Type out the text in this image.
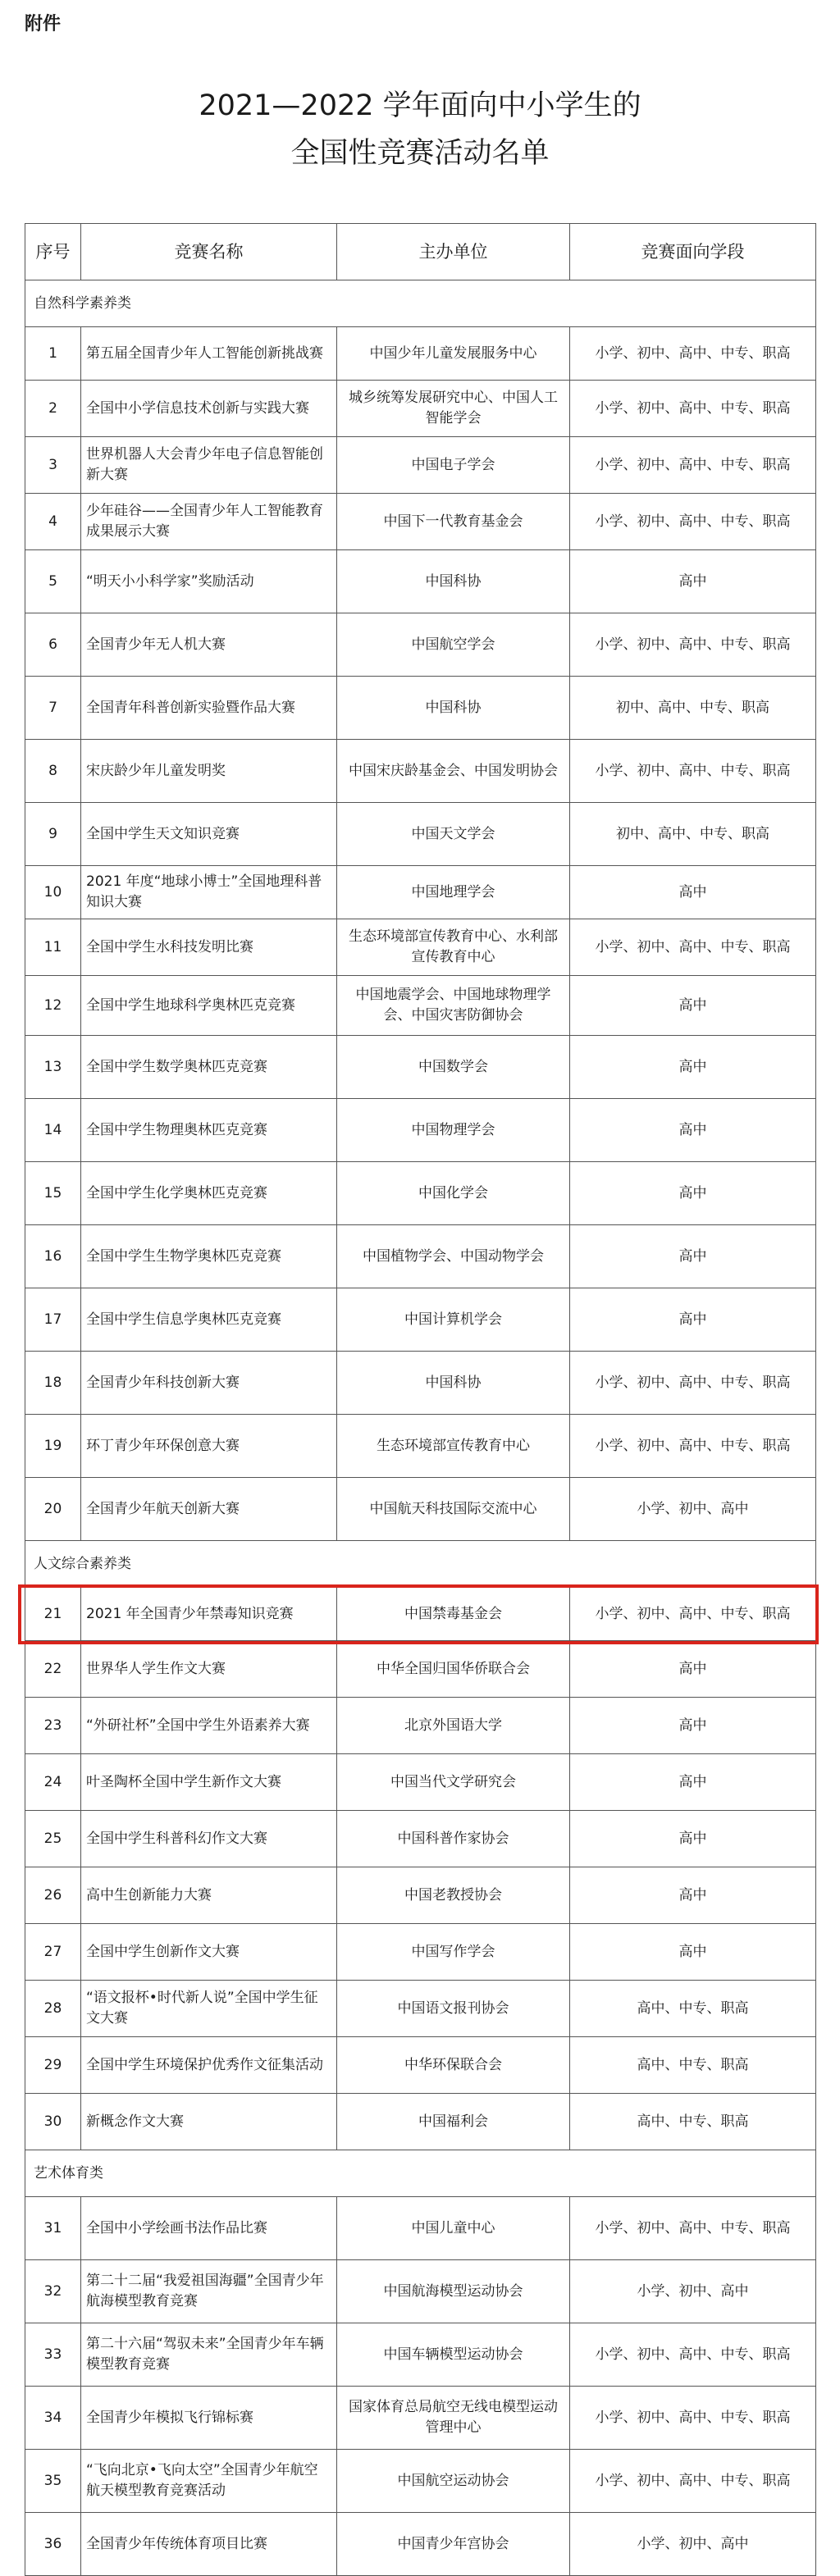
附件
2021—2022 学年面向中小学生的
全国性竞赛活动名单
序号	竞赛名称	主办单位	竞赛面向学段
自然科学素养类			
1	第五届全国青少年人工智能创新挑战赛	中国少年儿童发展服务中心	小学、初中、高中、中专、职高
2	全国中小学信息技术创新与实践大赛	城乡统筹发展研究中心、中国人工智能学会	小学、初中、高中、中专、职高
3	世界机器人大会青少年电子信息智能创新大赛	中国电子学会	小学、初中、高中、中专、职高
4	少年硅谷——全国青少年人工智能教育成果展示大赛	中国下一代教育基金会	小学、初中、高中、中专、职高
5	“明天小小科学家”奖励活动	中国科协	高中
6	全国青少年无人机大赛	中国航空学会	小学、初中、高中、中专、职高
7	全国青年科普创新实验暨作品大赛	中国科协	初中、高中、中专、职高
8	宋庆龄少年儿童发明奖	中国宋庆龄基金会、中国发明协会	小学、初中、高中、中专、职高
9	全国中学生天文知识竞赛	中国天文学会	初中、高中、中专、职高
10	2021 年度“地球小博士”全国地理科普知识大赛	中国地理学会	高中
11	全国中学生水科技发明比赛	生态环境部宣传教育中心、水利部宣传教育中心	小学、初中、高中、中专、职高
12	全国中学生地球科学奥林匹克竞赛	中国地震学会、中国地球物理学会、中国灾害防御协会	高中
13	全国中学生数学奥林匹克竞赛	中国数学会	高中
14	全国中学生物理奥林匹克竞赛	中国物理学会	高中
15	全国中学生化学奥林匹克竞赛	中国化学会	高中
16	全国中学生生物学奥林匹克竞赛	中国植物学会、中国动物学会	高中
17	全国中学生信息学奥林匹克竞赛	中国计算机学会	高中
18	全国青少年科技创新大赛	中国科协	小学、初中、高中、中专、职高
19	环丁青少年环保创意大赛	生态环境部宣传教育中心	小学、初中、高中、中专、职高
20	全国青少年航天创新大赛	中国航天科技国际交流中心	小学、初中、高中
人文综合素养类			
21	2021 年全国青少年禁毒知识竞赛	中国禁毒基金会	小学、初中、高中、中专、职高
22	世界华人学生作文大赛	中华全国归国华侨联合会	高中
23	“外研社杯”全国中学生外语素养大赛	北京外国语大学	高中
24	叶圣陶杯全国中学生新作文大赛	中国当代文学研究会	高中
25	全国中学生科普科幻作文大赛	中国科普作家协会	高中
26	高中生创新能力大赛	中国老教授协会	高中
27	全国中学生创新作文大赛	中国写作学会	高中
28	“语文报杯•时代新人说”全国中学生征文大赛	中国语文报刊协会	高中、中专、职高
29	全国中学生环境保护优秀作文征集活动	中华环保联合会	高中、中专、职高
30	新概念作文大赛	中国福利会	高中、中专、职高
艺术体育类			
31	全国中小学绘画书法作品比赛	中国儿童中心	小学、初中、高中、中专、职高
32	第二十二届“我爱祖国海疆”全国青少年航海模型教育竞赛	中国航海模型运动协会	小学、初中、高中
33	第二十六届“驾驭未来”全国青少年车辆模型教育竞赛	中国车辆模型运动协会	小学、初中、高中、中专、职高
34	全国青少年模拟飞行锦标赛	国家体育总局航空无线电模型运动管理中心	小学、初中、高中、中专、职高
35	“飞向北京•飞向太空”全国青少年航空航天模型教育竞赛活动	中国航空运动协会	小学、初中、高中、中专、职高
36	全国青少年传统体育项目比赛	中国青少年宫协会	小学、初中、高中
